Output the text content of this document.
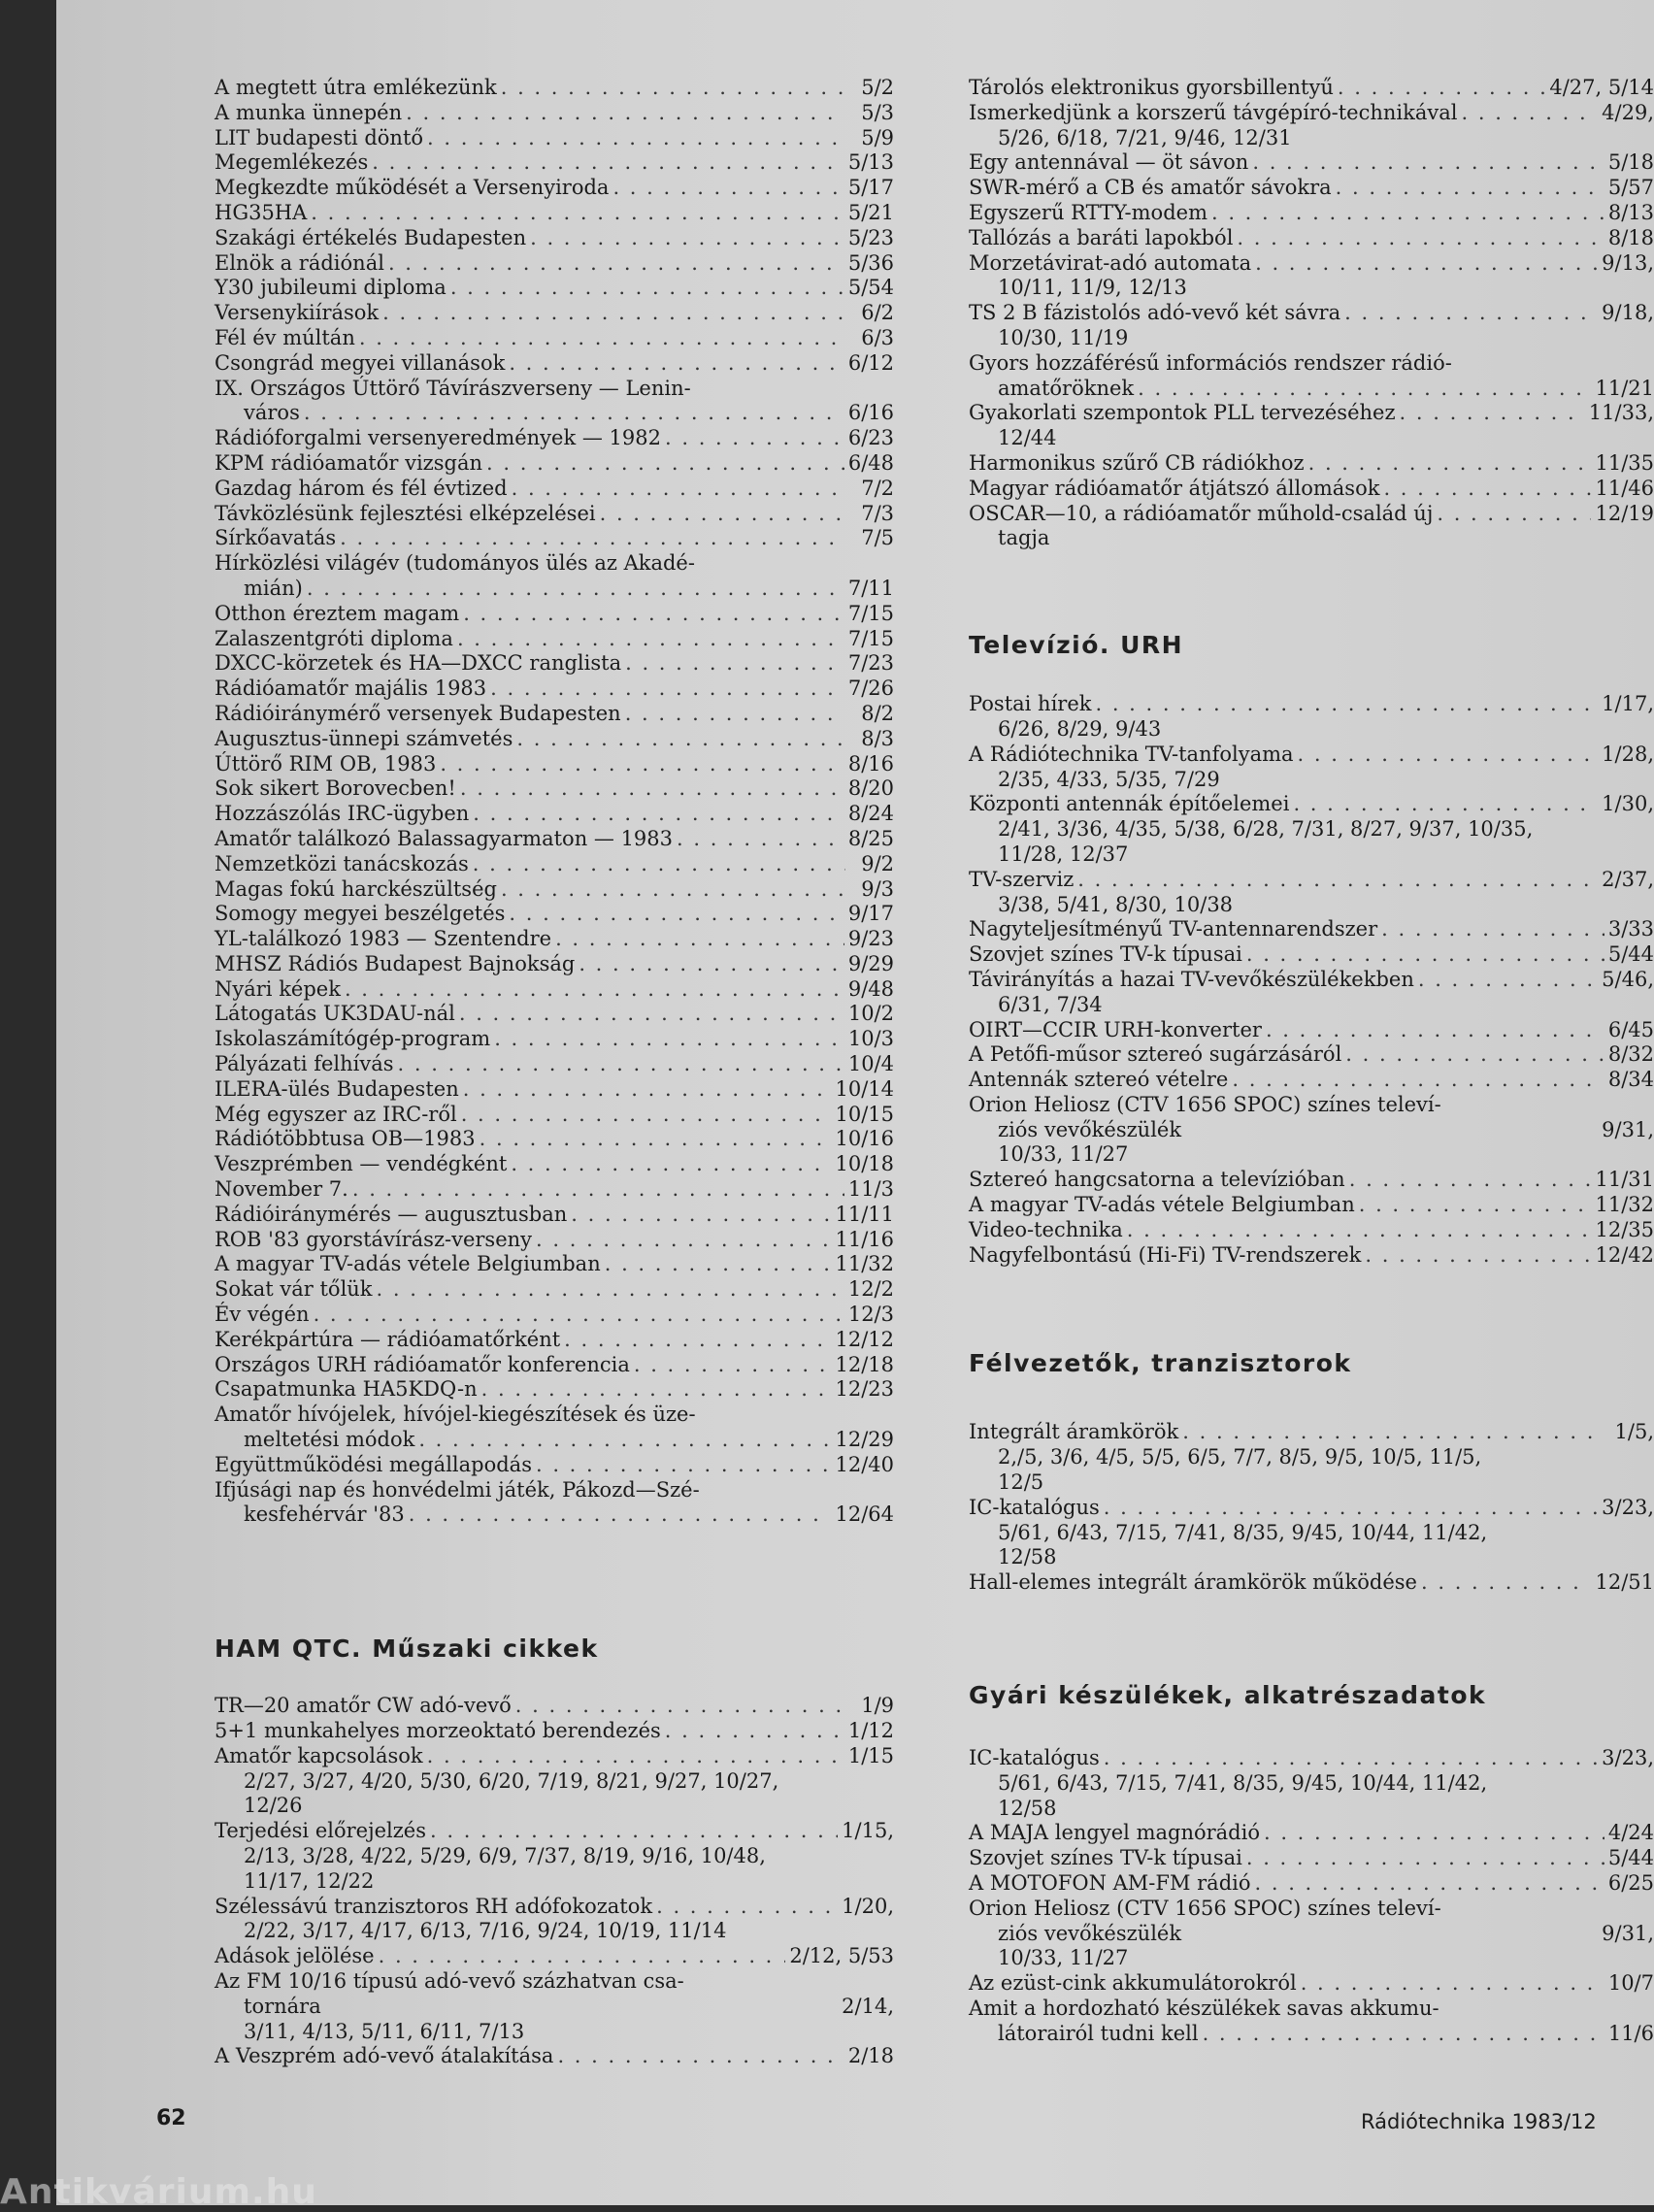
A megtett útra emlékezünk . . .	5/2
A munka ünnepén . . .	5/3
LIT budapesti döntő . . .	5/9
Megemlékezés . . .	5/13
Megkezdte működését a Versenyiroda . . .	5/17
HG35HA . . .	5/21
Szakági értékelés Budapesten . . .	5/23
Elnök a rádiónál . . .	5/36
Y30 jubileumi diploma . . .	5/54
Versenykiírások . . .	6/2
Fél év múltán . . .	6/3
Csongrád megyei villanások . . .	6/12
IX. Országos Úttörő Távírászverseny — Lenin-
város . . .	6/16
Rádióforgalmi versenyeredmények — 1982 . . .	6/23
KPM rádióamatőr vizsgán . . .	6/48
Gazdag három és fél évtized . . .	7/2
Távközlésünk fejlesztési elképzelései . . .	7/3
Sírkőavatás . . .	7/5
Hírközlési világév (tudományos ülés az Akadé-
mián) . . .	7/11
Otthon éreztem magam . . .	7/15
Zalaszentgróti diploma . . .	7/15
DXCC-körzetek és HA—DXCC ranglista . . .	7/23
Rádióamatőr majális 1983 . . .	7/26
Rádióiránymérő versenyek Budapesten . . .	8/2
Augusztus-ünnepi számvetés . . .	8/3
Úttörő RIM OB, 1983 . . .	8/16
Sok sikert Borovecben! . . .	8/20
Hozzászólás IRC-ügyben . . .	8/24
Amatőr találkozó Balassagyarmaton — 1983 . . .	8/25
Nemzetközi tanácskozás . . .	9/2
Magas fokú harckészültség . . .	9/3
Somogy megyei beszélgetés . . .	9/17
YL-találkozó 1983 — Szentendre . . .	9/23
MHSZ Rádiós Budapest Bajnokság . . .	9/29
Nyári képek . . .	9/48
Látogatás UK3DAU-nál . . .	10/2
Iskolaszámítógép-program . . .	10/3
Pályázati felhívás . . .	10/4
ILERA-ülés Budapesten . . .	10/14
Még egyszer az IRC-ről . . .	10/15
Rádiótöbbtusa OB—1983 . . .	10/16
Veszprémben — vendégként . . .	10/18
November 7. . . .	11/3
Rádióiránymérés — augusztusban . . .	11/11
ROB '83 gyorstávírász-verseny . . .	11/16
A magyar TV-adás vétele Belgiumban . . .	11/32
Sokat vár tőlük . . .	12/2
Év végén . . .	12/3
Kerékpártúra — rádióamatőrként . . .	12/12
Országos URH rádióamatőr konferencia . . .	12/18
Csapatmunka HA5KDQ-n . . .	12/23
Amatőr hívójelek, hívójel-kiegészítések és üze-
meltetési módok . . .	12/29
Együttműködési megállapodás . . .	12/40
Ifjúsági nap és honvédelmi játék, Pákozd—Szé-
kesfehérvár '83 . . .	12/64
HAM QTC. Műszaki cikkek
TR—20 amatőr CW adó-vevő . . .	1/9
5+1 munkahelyes morzeoktató berendezés . . .	1/12
Amatőr kapcsolások . . .	1/15
2/27, 3/27, 4/20, 5/30, 6/20, 7/19, 8/21, 9/27, 10/27,
12/26
Terjedési előrejelzés . . .	1/15,
2/13, 3/28, 4/22, 5/29, 6/9, 7/37, 8/19, 9/16, 10/48,
11/17, 12/22
Szélessávú tranzisztoros RH adófokozatok . . .	1/20,
2/22, 3/17, 4/17, 6/13, 7/16, 9/24, 10/19, 11/14
Adások jelölése . . .	2/12, 5/53
Az FM 10/16 típusú adó-vevő százhatvan csa-
tornára	2/14,
3/11, 4/13, 5/11, 6/11, 7/13
A Veszprém adó-vevő átalakítása . . .	2/18
Tárolós elektronikus gyorsbillentyű . . .	4/27, 5/14
Ismerkedjünk a korszerű távgépíró-technikával . . .	4/29,
5/26, 6/18, 7/21, 9/46, 12/31
Egy antennával — öt sávon . . .	5/18
SWR-mérő a CB és amatőr sávokra . . .	5/57
Egyszerű RTTY-modem . . .	8/13
Tallózás a baráti lapokból . . .	8/18
Morzetávirat-adó automata . . .	9/13,
10/11, 11/9, 12/13
TS 2 B fázistolós adó-vevő két sávra . . .	9/18,
10/30, 11/19
Gyors hozzáférésű információs rendszer rádió-
amatőröknek . . .	11/21
Gyakorlati szempontok PLL tervezéséhez . . .	11/33,
12/44
Harmonikus szűrő CB rádiókhoz . . .	11/35
Magyar rádióamatőr átjátszó állomások . . .	11/46
OSCAR—10, a rádióamatőr műhold-család új . . .	12/19
tagja
Televízió. URH
Postai hírek . . .	1/17,
6/26, 8/29, 9/43
A Rádiótechnika TV-tanfolyama . . .	1/28,
2/35, 4/33, 5/35, 7/29
Központi antennák építőelemei . . .	1/30,
2/41, 3/36, 4/35, 5/38, 6/28, 7/31, 8/27, 9/37, 10/35,
11/28, 12/37
TV-szerviz . . .	2/37,
3/38, 5/41, 8/30, 10/38
Nagyteljesítményű TV-antennarendszer . . .	3/33
Szovjet színes TV-k típusai . . .	5/44
Távirányítás a hazai TV-vevőkészülékekben . . .	5/46,
6/31, 7/34
OIRT—CCIR URH-konverter . . .	6/45
A Petőfi-műsor sztereó sugárzásáról . . .	8/32
Antennák sztereó vételre . . .	8/34
Orion Heliosz (CTV 1656 SPOC) színes televí-
ziós vevőkészülék	9/31,
10/33, 11/27
Sztereó hangcsatorna a televízióban . . .	11/31
A magyar TV-adás vétele Belgiumban . . .	11/32
Video-technika . . .	12/35
Nagyfelbontású (Hi-Fi) TV-rendszerek . . .	12/42
Félvezetők, tranzisztorok
Integrált áramkörök . . .	1/5,
2,/5, 3/6, 4/5, 5/5, 6/5, 7/7, 8/5, 9/5, 10/5, 11/5,
12/5
IC-katalógus . . .	3/23,
5/61, 6/43, 7/15, 7/41, 8/35, 9/45, 10/44, 11/42,
12/58
Hall-elemes integrált áramkörök működése . . .	12/51
Gyári készülékek, alkatrészadatok
IC-katalógus . . .	3/23,
5/61, 6/43, 7/15, 7/41, 8/35, 9/45, 10/44, 11/42,
12/58
A MAJA lengyel magnórádió . . .	4/24
Szovjet színes TV-k típusai . . .	5/44
A MOTOFON AM-FM rádió . . .	6/25
Orion Heliosz (CTV 1656 SPOC) színes televí-
ziós vevőkészülék	9/31,
10/33, 11/27
Az ezüst-cink akkumulátorokról . . .	10/7
Amit a hordozható készülékek savas akkumu-
látorairól tudni kell . . .	11/6
62	Rádiótechnika 1983/12
Antikvárium.hu
